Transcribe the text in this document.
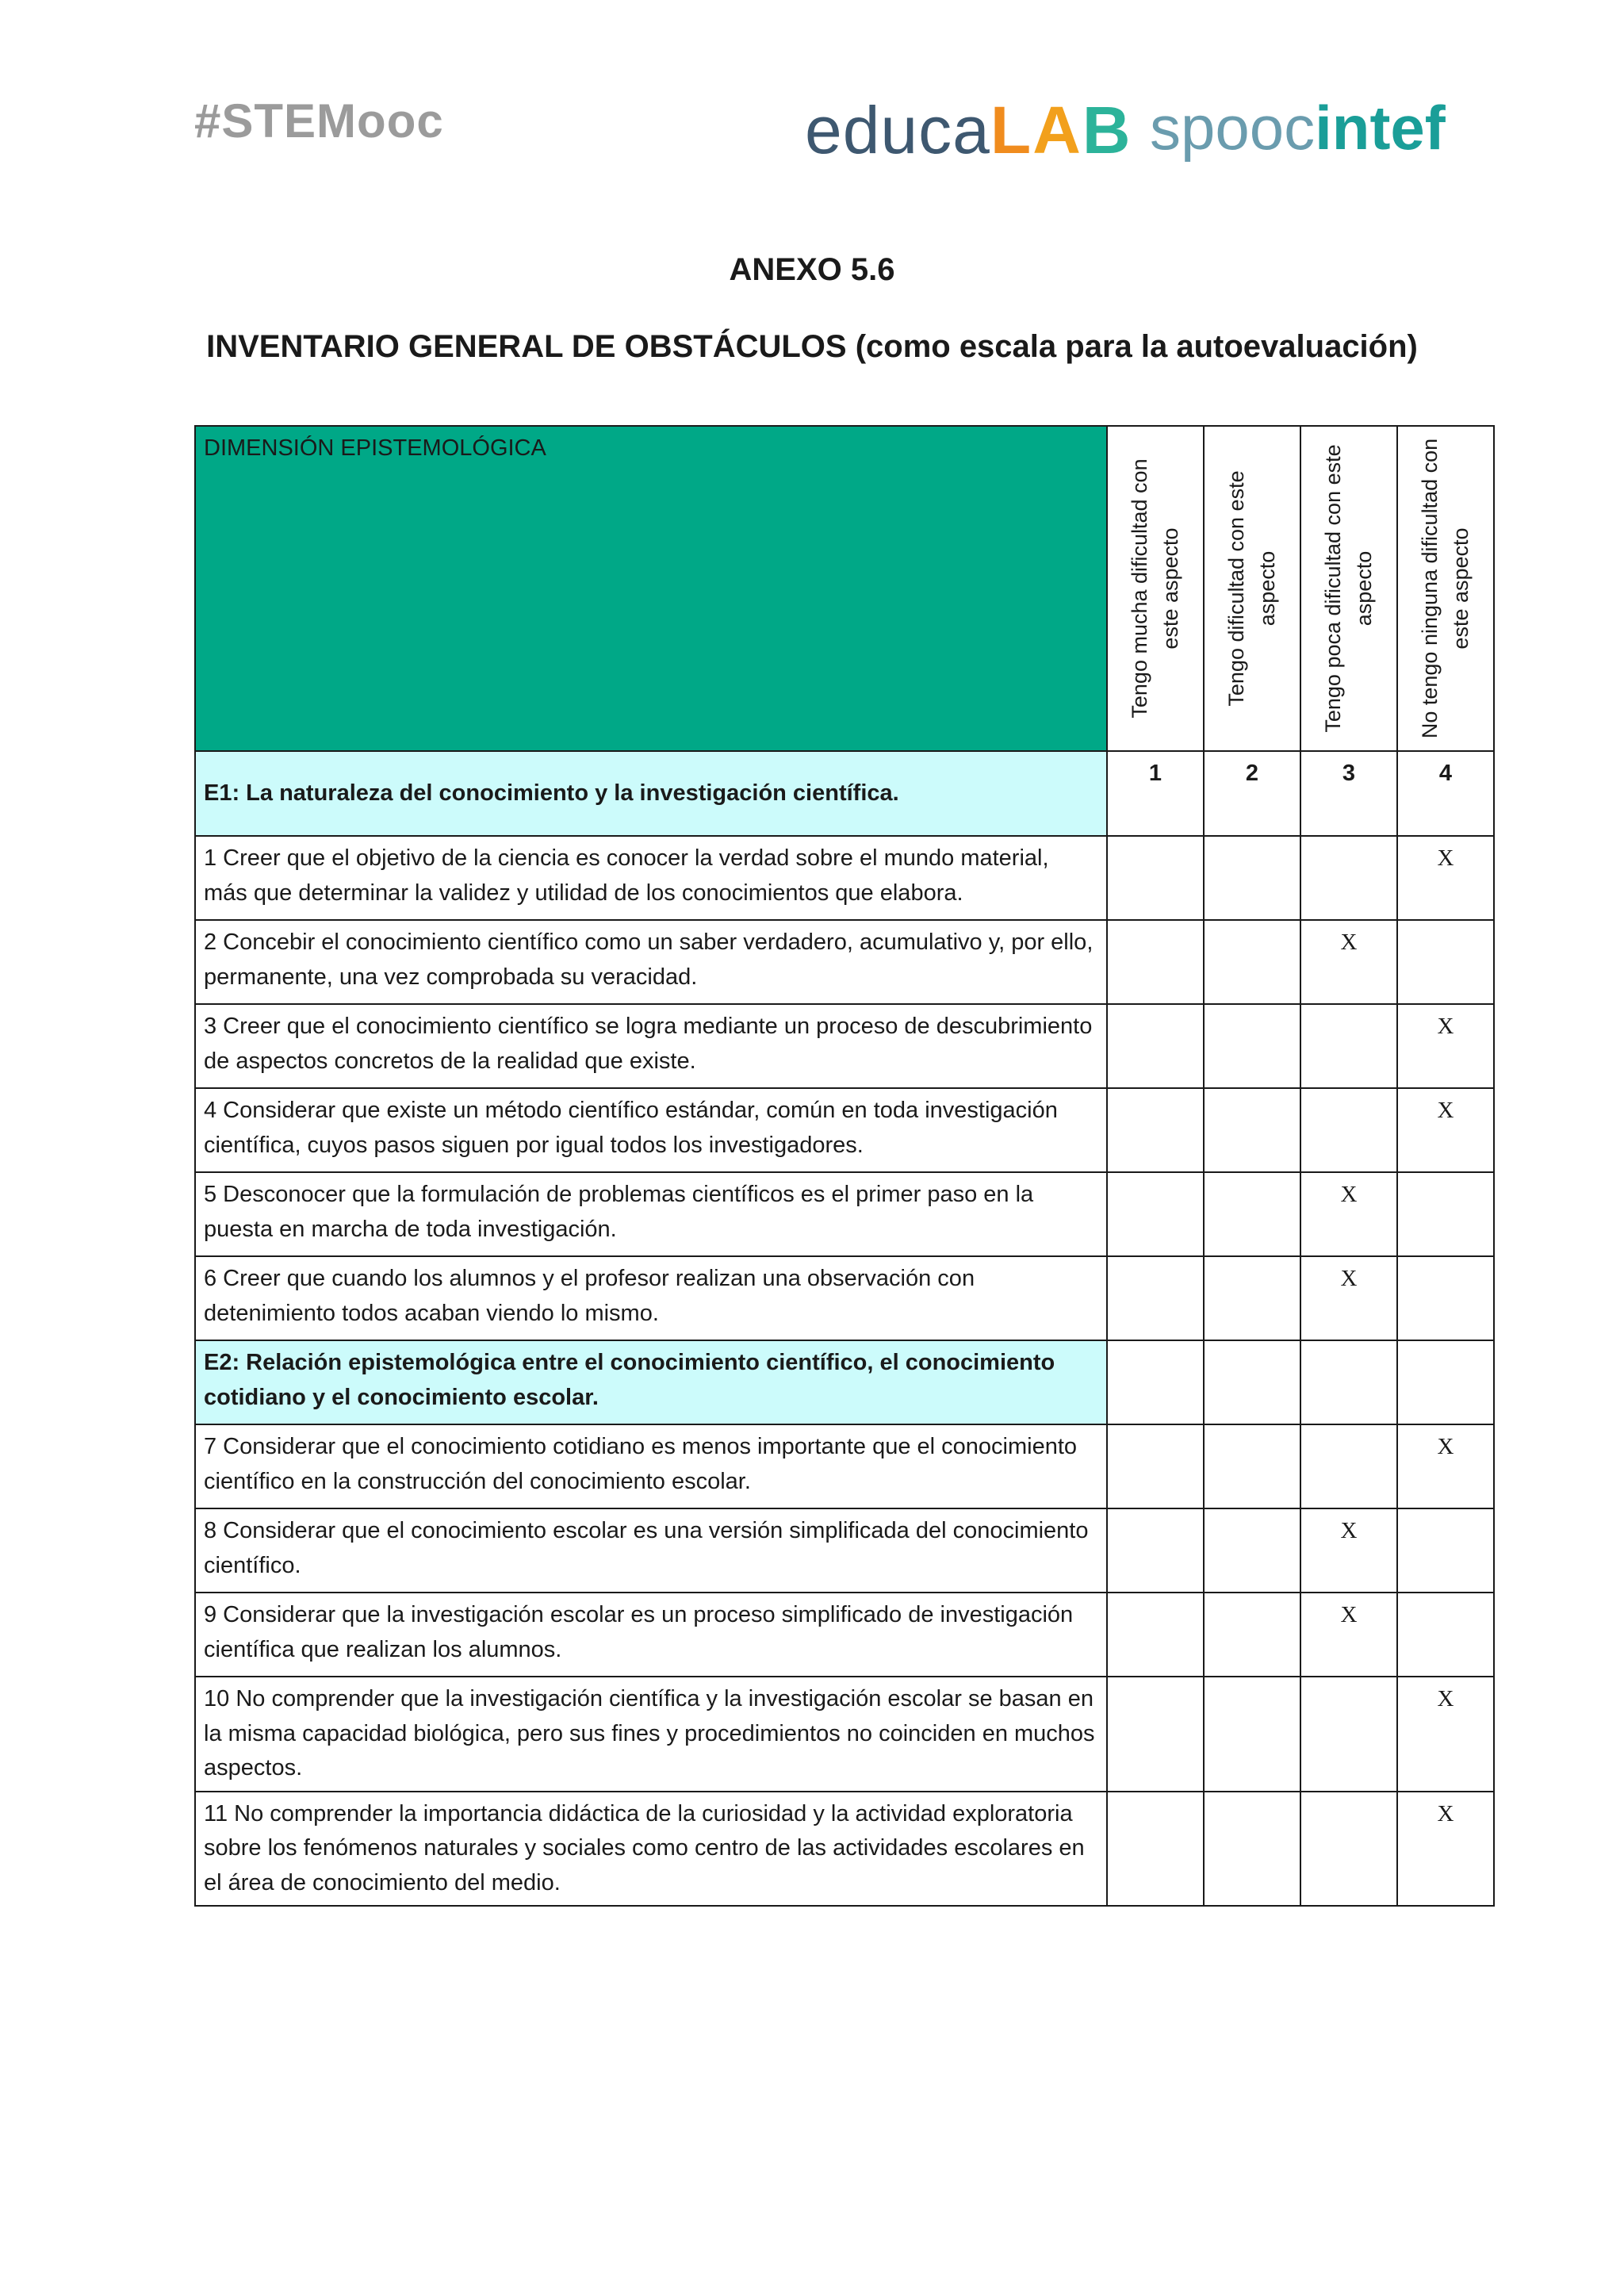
#STEMooc	educaLAB spoocintef
ANEXO 5.6
INVENTARIO GENERAL DE OBSTÁCULOS (como escala para la autoevaluación)
DIMENSIÓN EPISTEMOLÓGICA	Tengo mucha dificultad con este aspecto	Tengo dificultad con este aspecto	Tengo poca dificultad con este aspecto	No tengo ninguna dificultad con este aspecto

E1: La naturaleza del conocimiento y la investigación científica.	1	2	3	4
1 Creer que el objetivo de la ciencia es conocer la verdad sobre el mundo material, más que determinar la validez y utilidad de los conocimientos que elabora.				X
2 Concebir el conocimiento científico como un saber verdadero, acumulativo y, por ello, permanente, una vez comprobada su veracidad.			X	
3 Creer que el conocimiento científico se logra mediante un proceso de descubrimiento de aspectos concretos de la realidad que existe.				X
4 Considerar que existe un método científico estándar, común en toda investigación científica, cuyos pasos siguen por igual todos los investigadores.				X
5 Desconocer que la formulación de problemas científicos es el primer paso en la puesta en marcha de toda investigación.			X	
6 Creer que cuando los alumnos y el profesor realizan una observación con detenimiento todos acaban viendo lo mismo.			X	
E2: Relación epistemológica entre el conocimiento científico, el conocimiento cotidiano y el conocimiento escolar.				
7 Considerar que el conocimiento cotidiano es menos importante que el conocimiento científico en la construcción del conocimiento escolar.				X
8 Considerar que el conocimiento escolar es una versión simplificada del conocimiento científico.			X	
9 Considerar que la investigación escolar es un proceso simplificado de investigación científica que realizan los alumnos.			X	
10 No comprender que la investigación científica y la investigación escolar se basan en la misma capacidad biológica, pero sus fines y procedimientos no coinciden en muchos aspectos.				X
11 No comprender la importancia didáctica de la curiosidad y la actividad exploratoria sobre los fenómenos naturales y sociales como centro de las actividades escolares en el área de conocimiento del medio.				X
